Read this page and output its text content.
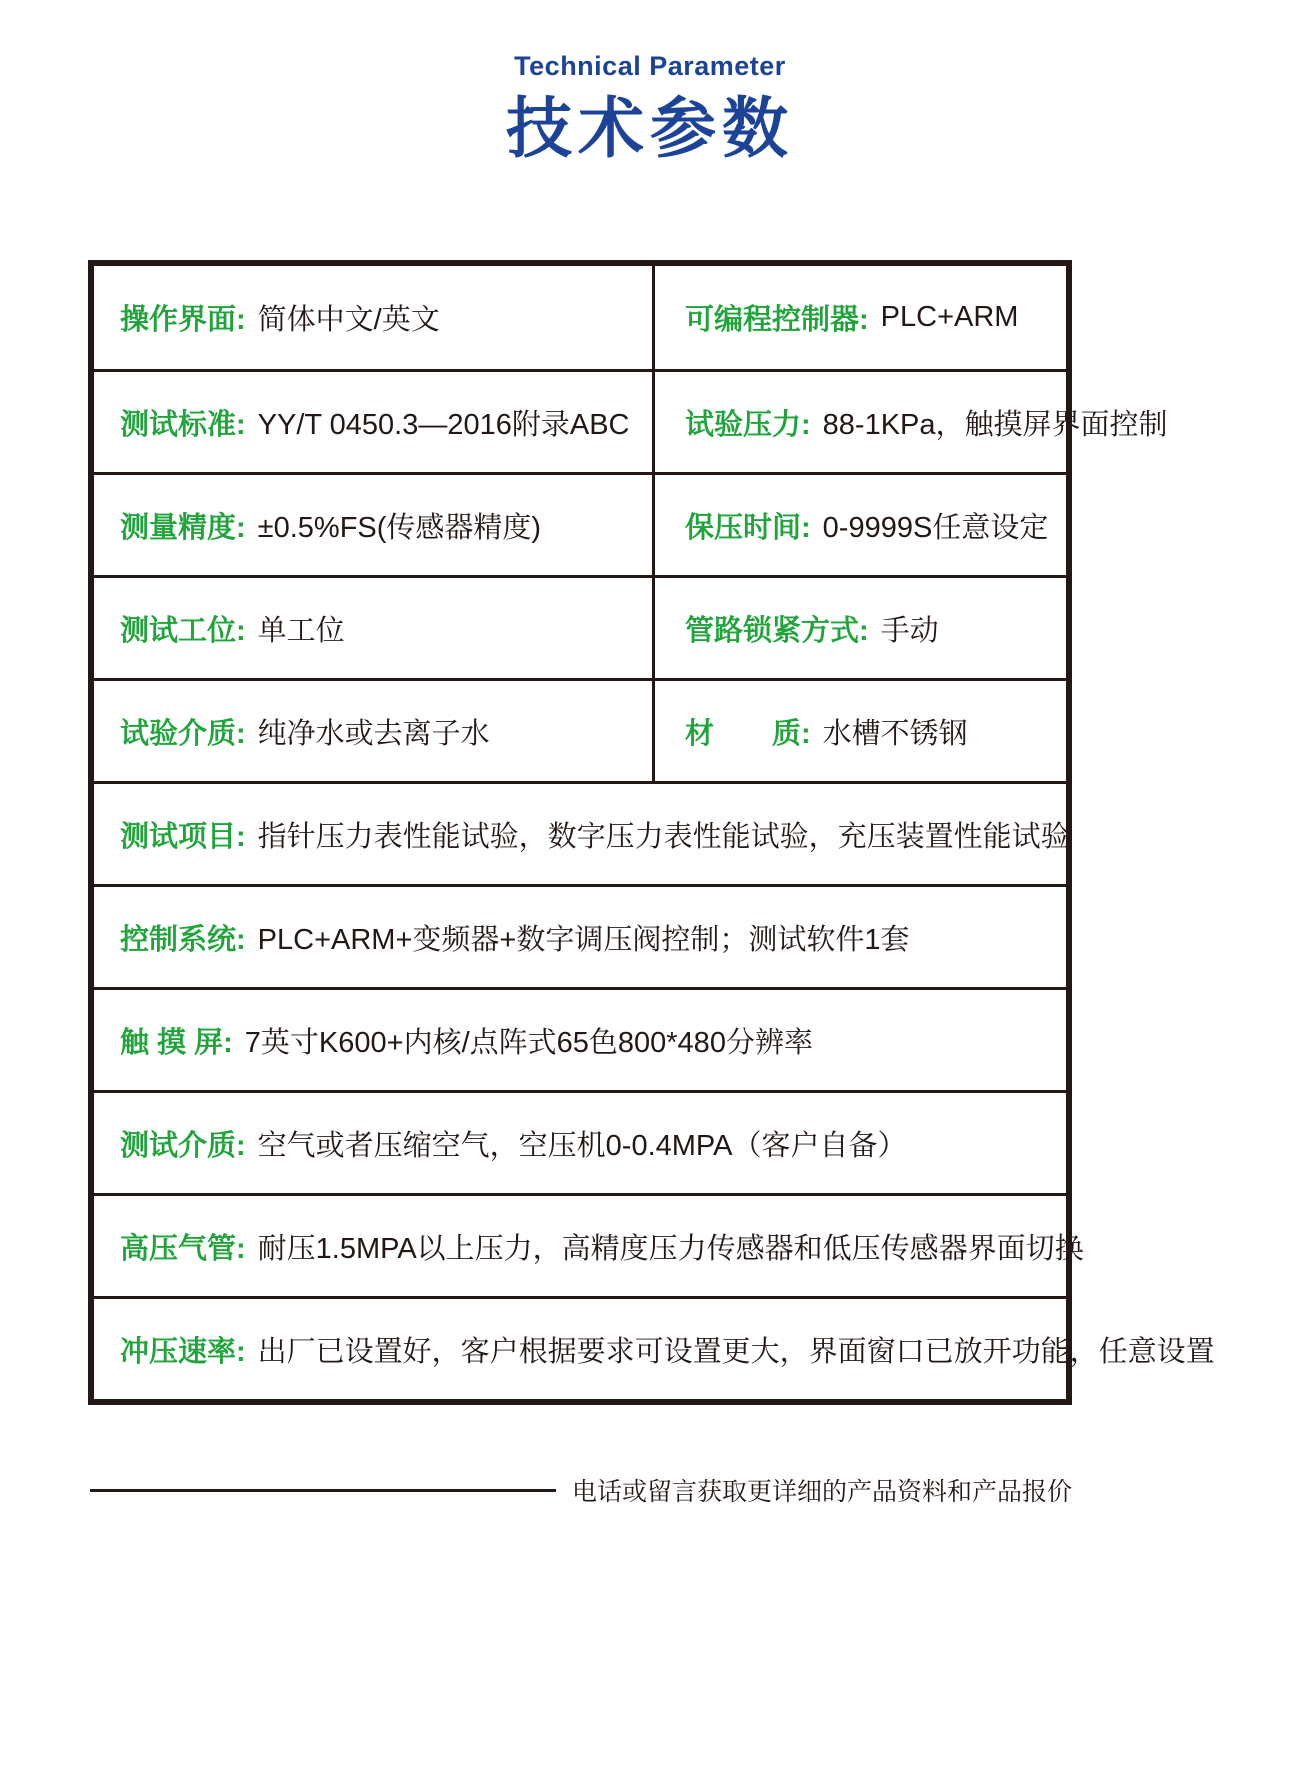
Technical Parameter
技术参数
操作界面: 简体中文/英文	可编程控制器: PLC+ARM
测试标准: YY/T 0450.3—2016附录ABC 试验压力: 88-1KPa，触摸屏界面控制
测量精度: ±0.5%FS(传感器精度)	保压时间: 0-9999S任意设定
测试工位: 单工位	管路锁紧方式: 手动
试验介质: 纯净水或去离子水	材　　质: 水槽不锈钢
测试项目: 指针压力表性能试验，数字压力表性能试验，充压装置性能试验
控制系统: PLC+ARM+变频器+数字调压阀控制；测试软件1套
触 摸 屏: 7英寸K600+内核/点阵式65色800*480分辨率
测试介质: 空气或者压缩空气，空压机0-0.4MPA（客户自备）
高压气管: 耐压1.5MPA以上压力，高精度压力传感器和低压传感器界面切换
冲压速率: 出厂已设置好，客户根据要求可设置更大，界面窗口已放开功能，任意设置
电话或留言获取更详细的产品资料和产品报价
